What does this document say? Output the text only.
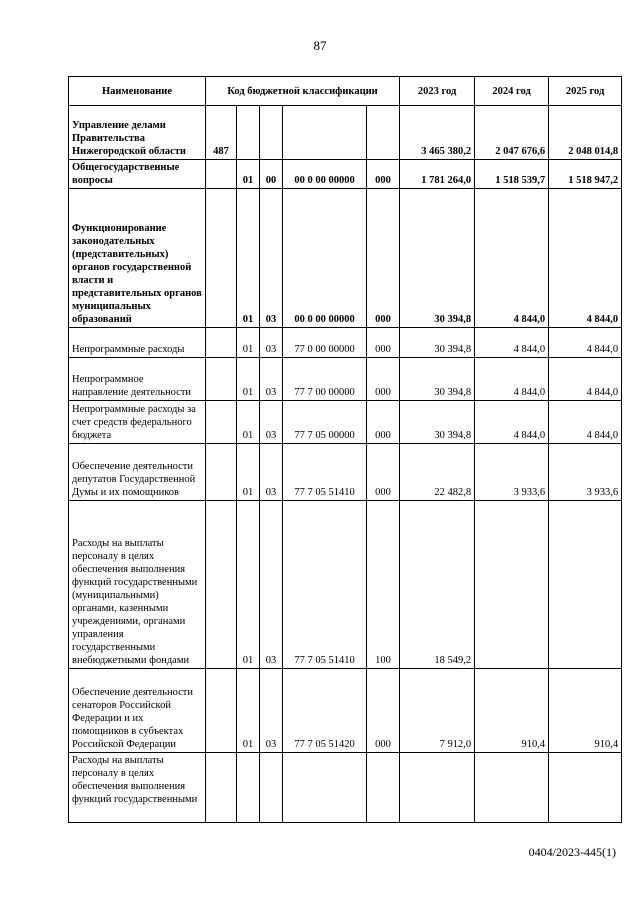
87
Наименование	Код бюджетной классификации					2023 год	2024 год	2025 год
Управление делами Правительства Нижегородской области	487					3 465 380,2	2 047 676,6	2 048 014,8
Общегосударственные вопросы		01	00	00 0 00 00000	000	1 781 264,0	1 518 539,7	1 518 947,2
Функционирование законодательных (представительных) органов государственной власти и представительных органов муниципальных образований		01	03	00 0 00 00000	000	30 394,8	4 844,0	4 844,0
Непрограммные расходы		01	03	77 0 00 00000	000	30 394,8	4 844,0	4 844,0
Непрограммное направление деятельности		01	03	77 7 00 00000	000	30 394,8	4 844,0	4 844,0
Непрограммные расходы за счет средств федерального бюджета		01	03	77 7 05 00000	000	30 394,8	4 844,0	4 844,0
Обеспечение деятельности депутатов Государственной Думы и их помощников		01	03	77 7 05 51410	000	22 482,8	3 933,6	3 933,6
Расходы на выплаты персоналу в целях обеспечения выполнения функций государственными (муниципальными) органами, казенными учреждениями, органами управления государственными внебюджетными фондами		01	03	77 7 05 51410	100	18 549,2		
Обеспечение деятельности сенаторов Российской Федерации и их помощников в субъектах Российской Федерации		01	03	77 7 05 51420	000	7 912,0	910,4	910,4
Расходы на выплаты персоналу в целях обеспечения выполнения функций государственными								
0404/2023-445(1)
